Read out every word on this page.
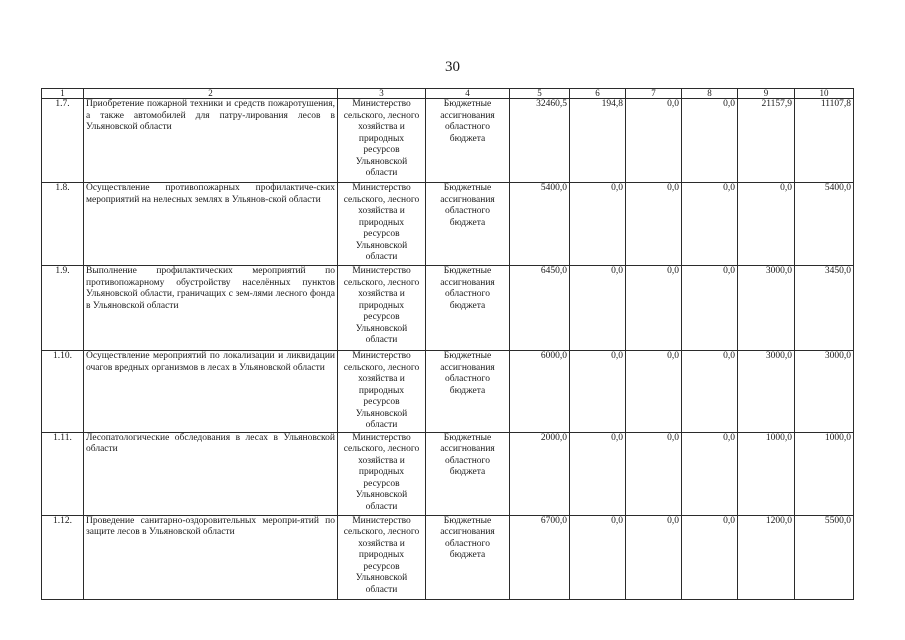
30
1	2	3	4	5	6	7	8	9	10
1.7.	Приобретение пожарной техники и средств пожаротушения, а также автомобилей для патру-лирования лесов в Ульяновской области	Министерство сельского, лесного хозяйства и природных ресурсов Ульяновской области	Бюджетные ассигнования областного бюджета	32460,5	194,8	0,0	0,0	21157,9	11107,8
1.8.	Осуществление противопожарных профилактиче-ских мероприятий на нелесных землях в Ульянов-ской области	Министерство сельского, лесного хозяйства и природных ресурсов Ульяновской области	Бюджетные ассигнования областного бюджета	5400,0	0,0	0,0	0,0	0,0	5400,0
1.9.	Выполнение профилактических мероприятий по противопожарному обустройству населённых пунктов Ульяновской области, граничащих с зем-лями лесного фонда в Ульяновской области	Министерство сельского, лесного хозяйства и природных ресурсов Ульяновской области	Бюджетные ассигнования областного бюджета	6450,0	0,0	0,0	0,0	3000,0	3450,0
1.10.	Осуществление мероприятий по локализации и ликвидации очагов вредных организмов в лесах в Ульяновской области	Министерство сельского, лесного хозяйства и природных ресурсов Ульяновской области	Бюджетные ассигнования областного бюджета	6000,0	0,0	0,0	0,0	3000,0	3000,0
1.11.	Лесопатологические обследования в лесах в Ульяновской области	Министерство сельского, лесного хозяйства и природных ресурсов Ульяновской области	Бюджетные ассигнования областного бюджета	2000,0	0,0	0,0	0,0	1000,0	1000,0
1.12.	Проведение санитарно-оздоровительных меропри-ятий по защите лесов в Ульяновской области	Министерство сельского, лесного хозяйства и природных ресурсов Ульяновской области	Бюджетные ассигнования областного бюджета	6700,0	0,0	0,0	0,0	1200,0	5500,0
